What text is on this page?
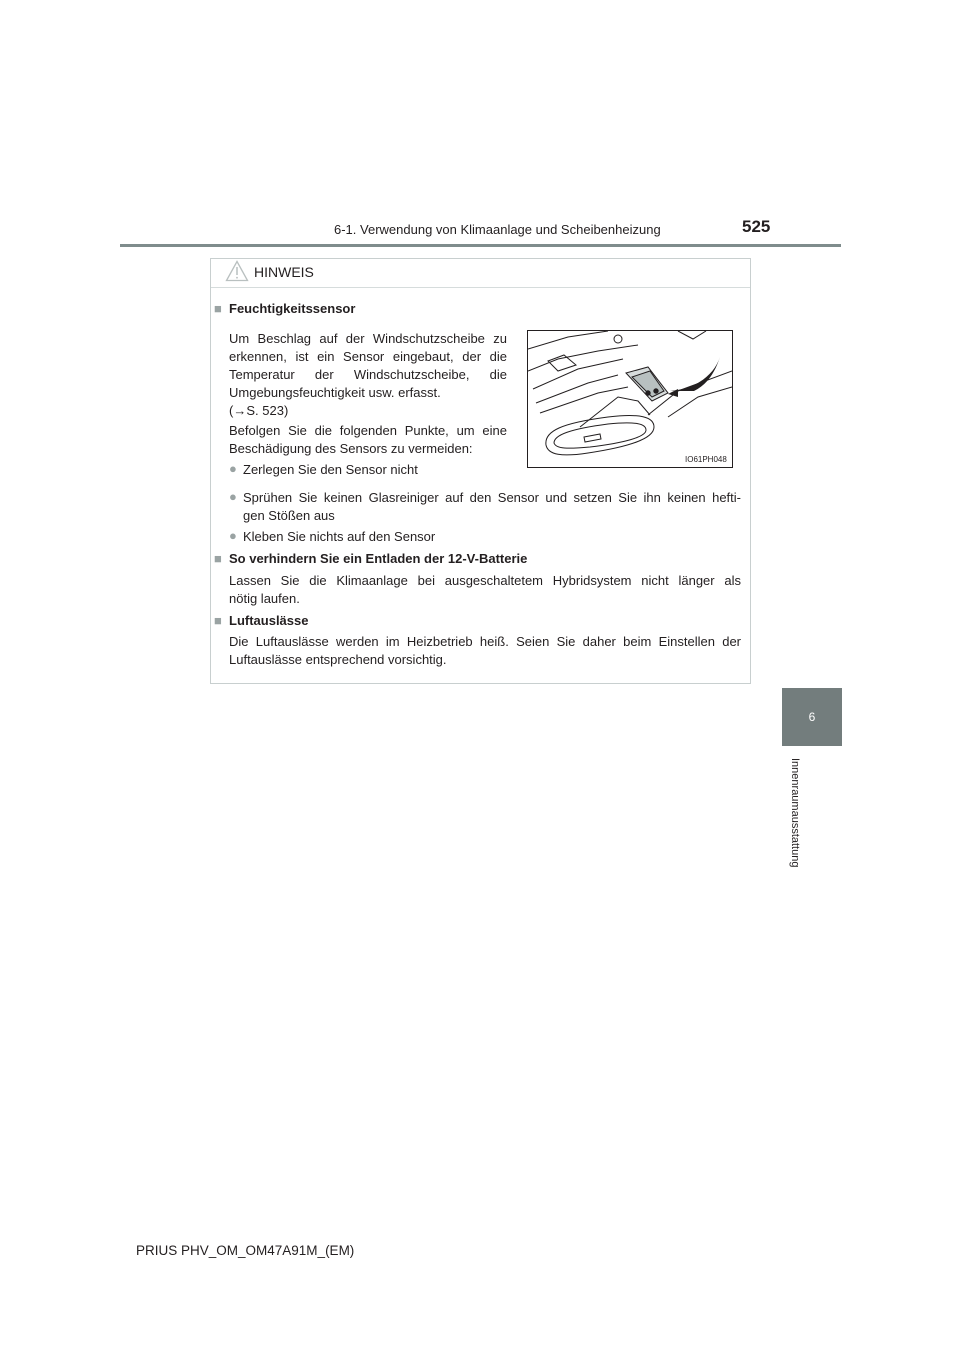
6-1. Verwendung von Klimaanlage und Scheibenheizung	525
6
Innenraumausstattung
HINWEIS
■ Feuchtigkeitssensor
Um Beschlag auf der Windschutzscheibe zu
erkennen, ist ein Sensor eingebaut, der die
Temperatur der Windschutzscheibe, die
Umgebungsfeuchtigkeit usw. erfasst.
(→S. 523)
Befolgen Sie die folgenden Punkte, um eine
Beschädigung des Sensors zu vermeiden:
● Zerlegen Sie den Sensor nicht
● Sprühen Sie keinen Glasreiniger auf den Sensor und setzen Sie ihn keinen hefti-
gen Stößen aus
● Kleben Sie nichts auf den Sensor
IO61PH048
■ So verhindern Sie ein Entladen der 12-V-Batterie
Lassen Sie die Klimaanlage bei ausgeschaltetem Hybridsystem nicht länger als
nötig laufen.
■ Luftauslässe
Die Luftauslässe werden im Heizbetrieb heiß. Seien Sie daher beim Einstellen der
Luftauslässe entsprechend vorsichtig.
PRIUS PHV_OM_OM47A91M_(EM)
